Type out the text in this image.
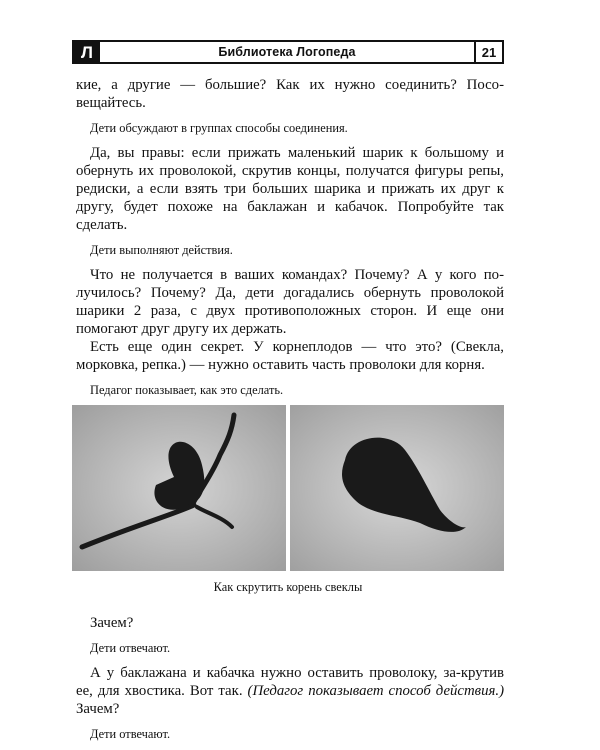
Л	Библиотека Логопеда	21

кие, а другие — большие? Как их нужно соединить? Посо-вещайтесь.

Дети обсуждают в группах способы соединения.

Да, вы правы: если прижать маленький шарик к большому и обернуть их проволокой, скрутив концы, получатся фигуры репы, редиски, а если взять три больших шарика и прижать их друг к другу, будет похоже на баклажан и кабачок. Попробуйте так сделать.

Дети выполняют действия.

Что не получается в ваших командах? Почему? А у кого по-лучилось? Почему? Да, дети догадались обернуть проволокой шарики 2 раза, с двух противоположных сторон. И еще они помогают друг другу их держать.

Есть еще один секрет. У корнеплодов — что это? (Свекла, морковка, репка.) — нужно оставить часть проволоки для корня.

Педагог показывает, как это сделать.

Как скрутить корень свеклы

Зачем?

Дети отвечают.

А у баклажана и кабачка нужно оставить проволоку, за-крутив ее, для хвостика. Вот так. (Педагог показывает способ действия.) Зачем?

Дети отвечают.
